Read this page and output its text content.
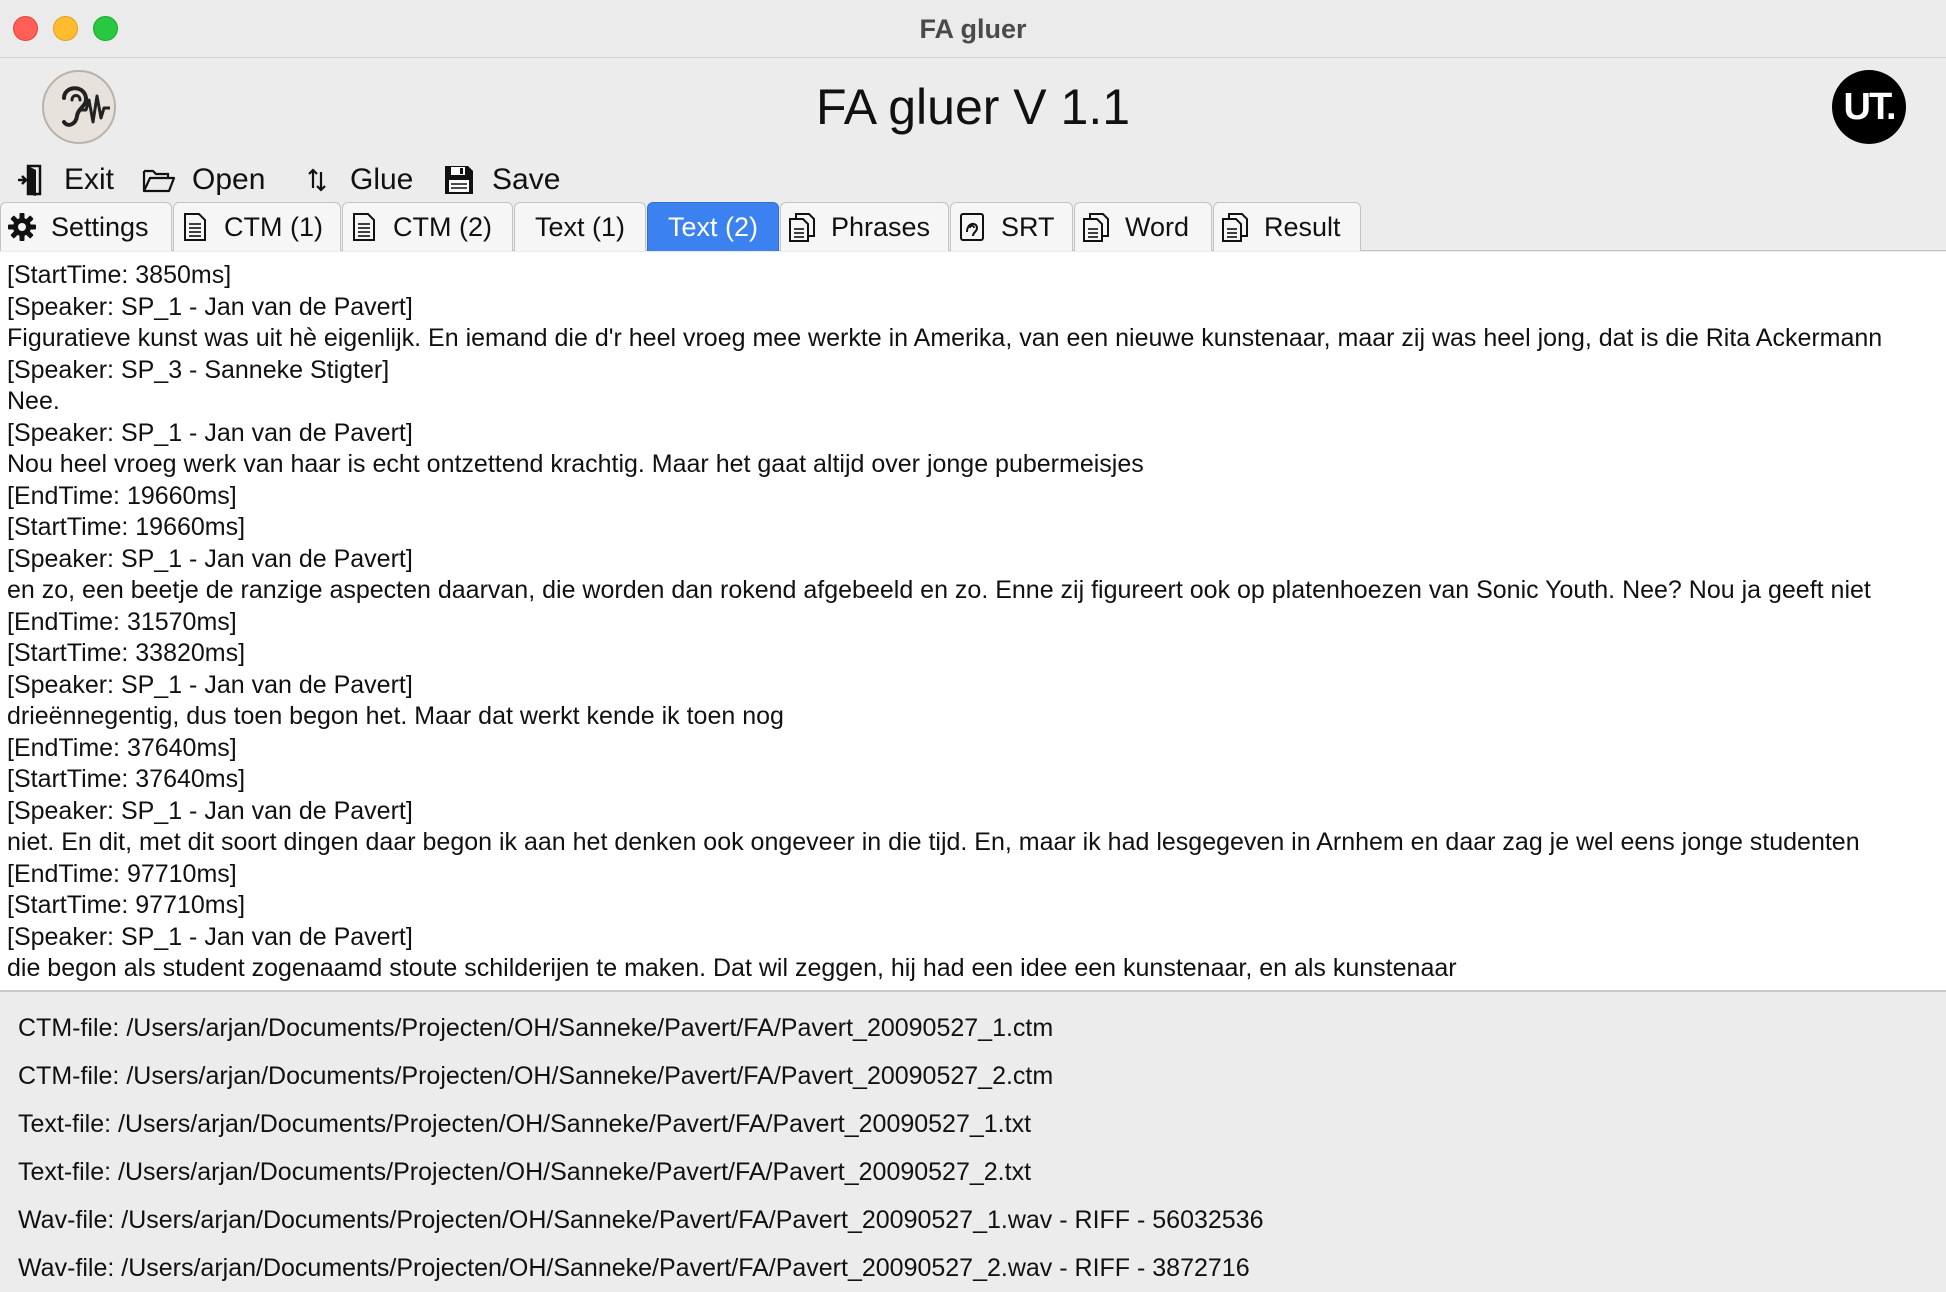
FA gluer
FA gluer V 1.1	UT.
Exit	Open	Glue	Save
Settings	CTM (1)	CTM (2)	Text (1)	Text (2)	Phrases	SRT	Word	Result
[StartTime: 3850ms]
[Speaker: SP_1 - Jan van de Pavert]
Figuratieve kunst was uit hè eigenlijk. En iemand die d'r heel vroeg mee werkte in Amerika, van een nieuwe kunstenaar, maar zij was heel jong, dat is die Rita Ackermann
[Speaker: SP_3 - Sanneke Stigter]
Nee.
[Speaker: SP_1 - Jan van de Pavert]
Nou heel vroeg werk van haar is echt ontzettend krachtig. Maar het gaat altijd over jonge pubermeisjes
[EndTime: 19660ms]
[StartTime: 19660ms]
[Speaker: SP_1 - Jan van de Pavert]
en zo, een beetje de ranzige aspecten daarvan, die worden dan rokend afgebeeld en zo. Enne zij figureert ook op platenhoezen van Sonic Youth. Nee? Nou ja geeft niet
[EndTime: 31570ms]
[StartTime: 33820ms]
[Speaker: SP_1 - Jan van de Pavert]
drieënnegentig, dus toen begon het. Maar dat werkt kende ik toen nog
[EndTime: 37640ms]
[StartTime: 37640ms]
[Speaker: SP_1 - Jan van de Pavert]
niet. En dit, met dit soort dingen daar begon ik aan het denken ook ongeveer in die tijd. En, maar ik had lesgegeven in Arnhem en daar zag je wel eens jonge studenten
[EndTime: 97710ms]
[StartTime: 97710ms]
[Speaker: SP_1 - Jan van de Pavert]
die begon als student zogenaamd stoute schilderijen te maken. Dat wil zeggen, hij had een idee een kunstenaar, en als kunstenaar
CTM-file: /Users/arjan/Documents/Projecten/OH/Sanneke/Pavert/FA/Pavert_20090527_1.ctm
CTM-file: /Users/arjan/Documents/Projecten/OH/Sanneke/Pavert/FA/Pavert_20090527_2.ctm
Text-file: /Users/arjan/Documents/Projecten/OH/Sanneke/Pavert/FA/Pavert_20090527_1.txt
Text-file: /Users/arjan/Documents/Projecten/OH/Sanneke/Pavert/FA/Pavert_20090527_2.txt
Wav-file: /Users/arjan/Documents/Projecten/OH/Sanneke/Pavert/FA/Pavert_20090527_1.wav - RIFF - 56032536
Wav-file: /Users/arjan/Documents/Projecten/OH/Sanneke/Pavert/FA/Pavert_20090527_2.wav - RIFF - 3872716
